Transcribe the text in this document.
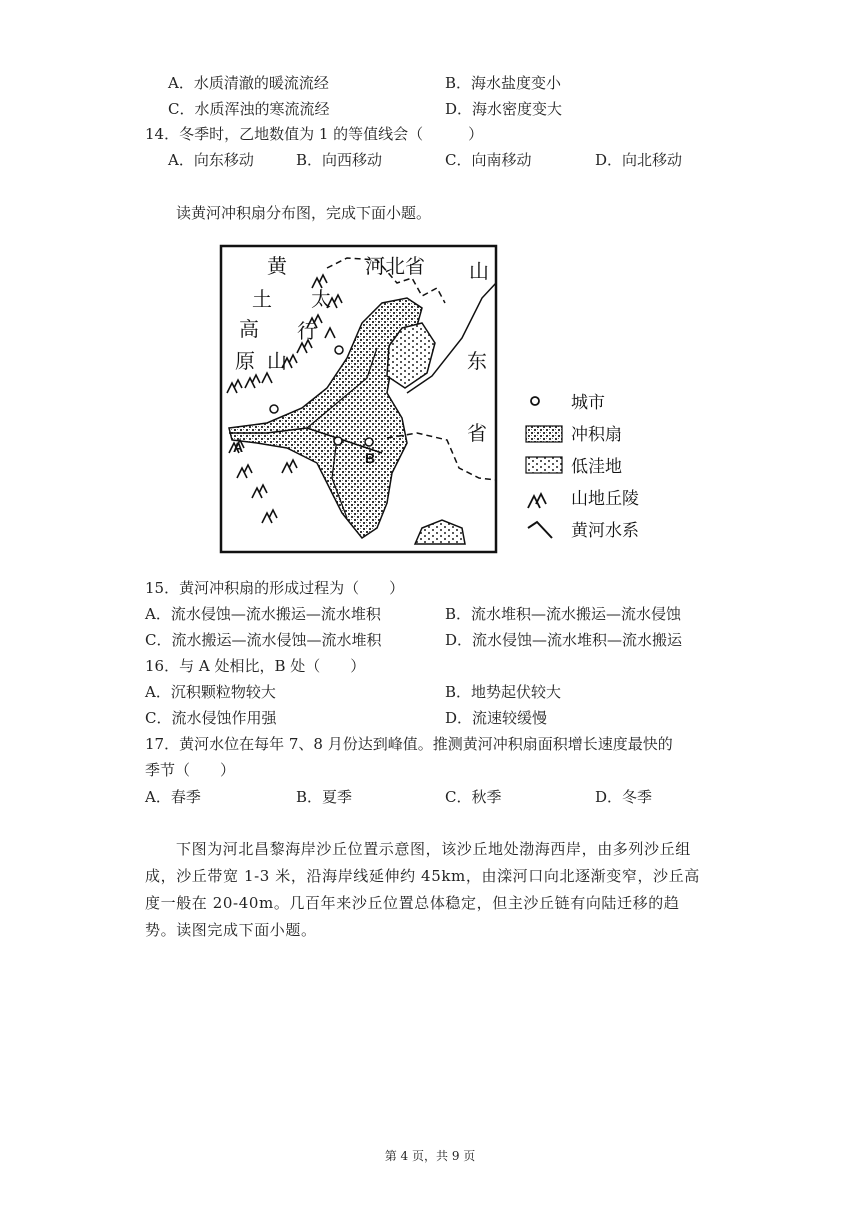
A．水质清澈的暖流流经	B．海水盐度变小
C．水质浑浊的寒流流经	D．海水密度变大
14．冬季时，乙地数值为 1 的等值线会（　　　）
A．向东移动	B．向西移动	C．向南移动	D．向北移动
读黄河冲积扇分布图，完成下面小题。
黄
土
高
原
太
行
山
河北省 山
东
省
A
B
城市
冲积扇
低洼地
山地丘陵
黄河水系
15．黄河冲积扇的形成过程为（　　）
A．流水侵蚀—流水搬运—流水堆积	B．流水堆积—流水搬运—流水侵蚀
C．流水搬运—流水侵蚀—流水堆积	D．流水侵蚀—流水堆积—流水搬运
16．与 A 处相比，B 处（　　）
A．沉积颗粒物较大	B．地势起伏较大
C．流水侵蚀作用强	D．流速较缓慢
17．黄河水位在每年 7、8 月份达到峰值。推测黄河冲积扇面积增长速度最快的
季节（　　）
A．春季	B．夏季	C．秋季	D．冬季
下图为河北昌黎海岸沙丘位置示意图，该沙丘地处渤海西岸，由多列沙丘组
成，沙丘带宽 1-3 米，沿海岸线延伸约 45km，由滦河口向北逐渐变窄，沙丘高
度一般在 20-40m。几百年来沙丘位置总体稳定，但主沙丘链有向陆迁移的趋
势。读图完成下面小题。
第 4 页，共 9 页
